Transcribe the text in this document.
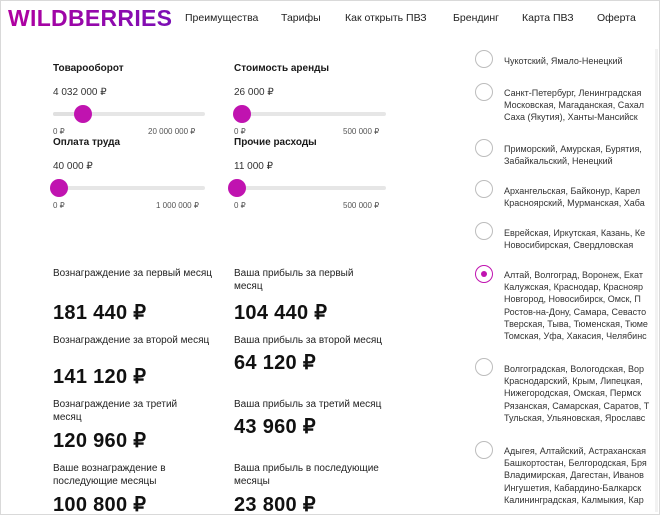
WILDBERRIES Преимущества Тарифы Как открыть ПВЗ	Брендинг Карта ПВЗ Оферта
Товарооборот
4 032 000 ₽
0 ₽	20 000 000 ₽
Стоимость аренды
26 000 ₽
0 ₽	500 000 ₽
Оплата труда
40 000 ₽
0 ₽	1 000 000 ₽
Прочие расходы
11 000 ₽
0 ₽	500 000 ₽
Вознаграждение за первый месяц
181 440 ₽
Ваша прибыль за первый месяц
104 440 ₽
Вознаграждение за второй месяц
141 120 ₽
Ваша прибыль за второй месяц
64 120 ₽
Вознаграждение за третий месяц
120 960 ₽
Ваша прибыль за третий месяц
43 960 ₽
Ваше вознаграждение в последующие месяцы
100 800 ₽
Ваша прибыль в последующие месяцы
23 800 ₽
Чукотский, Ямало-Ненецкий
Санкт-Петербург, Ленинградская
Московская, Магаданская, Сахал
Саха (Якутия), Ханты-Мансийск
Приморский, Амурская, Бурятия,
Забайкальский, Ненецкий
Архангельская, Байконур, Карел
Красноярский, Мурманская, Хаба
Еврейская, Иркутская, Казань, Ке
Новосибирская, Свердловская
Алтай, Волгоград, Воронеж, Екат
Калужская, Краснодар, Краснояр
Новгород, Новосибирск, Омск, П
Ростов-на-Дону, Самара, Севасто
Тверская, Тыва, Тюменская, Тюме
Томская, Уфа, Хакасия, Челябинс
Волгоградская, Вологодская, Вор
Краснодарский, Крым, Липецкая,
Нижегородская, Омская, Пермск
Рязанская, Самарская, Саратов, Т
Тульская, Ульяновская, Ярославс
Адыгея, Алтайский, Астраханская
Башкортостан, Белгородская, Бря
Владимирская, Дагестан, Иванов
Ингушетия, Кабардино-Балкарск
Калининградская, Калмыкия, Кар
